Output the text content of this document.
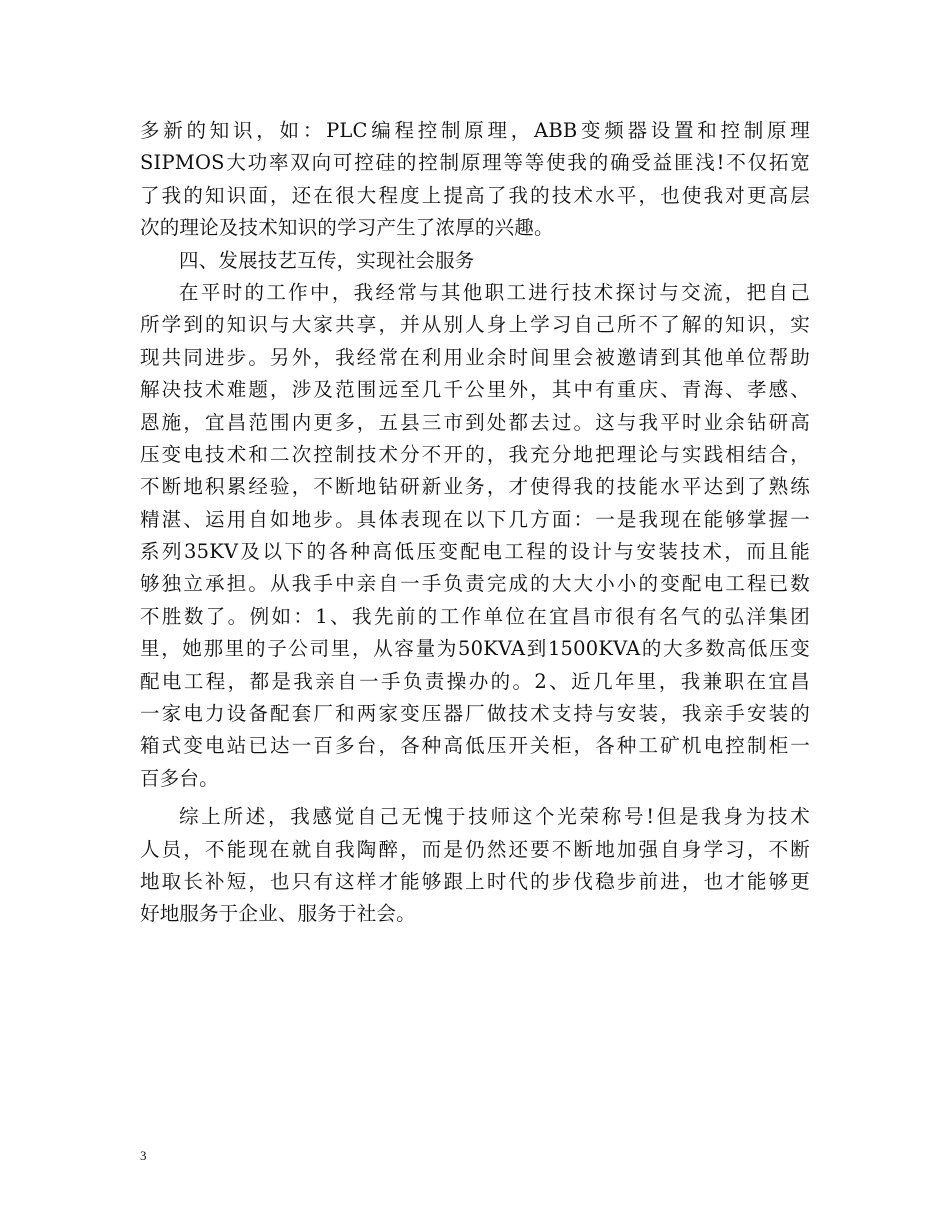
多新的知识，如：PLC编程控制原理，ABB变频器设置和控制原理
SIPMOS大功率双向可控硅的控制原理等等使我的确受益匪浅!不仅拓宽
了我的知识面，还在很大程度上提高了我的技术水平，也使我对更高层
次的理论及技术知识的学习产生了浓厚的兴趣。
四、发展技艺互传，实现社会服务
在平时的工作中，我经常与其他职工进行技术探讨与交流，把自己
所学到的知识与大家共享，并从别人身上学习自己所不了解的知识，实
现共同进步。另外，我经常在利用业余时间里会被邀请到其他单位帮助
解决技术难题，涉及范围远至几千公里外，其中有重庆、青海、孝感、
恩施，宜昌范围内更多，五县三市到处都去过。这与我平时业余钻研高
压变电技术和二次控制技术分不开的，我充分地把理论与实践相结合，
不断地积累经验，不断地钻研新业务，才使得我的技能水平达到了熟练
精湛、运用自如地步。具体表现在以下几方面：一是我现在能够掌握一
系列35KV及以下的各种高低压变配电工程的设计与安装技术，而且能
够独立承担。从我手中亲自一手负责完成的大大小小的变配电工程已数
不胜数了。例如：1、我先前的工作单位在宜昌市很有名气的弘洋集团
里，她那里的子公司里，从容量为50KVA到1500KVA的大多数高低压变
配电工程，都是我亲自一手负责操办的。2、近几年里，我兼职在宜昌
一家电力设备配套厂和两家变压器厂做技术支持与安装，我亲手安装的
箱式变电站已达一百多台，各种高低压开关柜，各种工矿机电控制柜一
百多台。
综上所述，我感觉自己无愧于技师这个光荣称号!但是我身为技术
人员，不能现在就自我陶醉，而是仍然还要不断地加强自身学习，不断
地取长补短，也只有这样才能够跟上时代的步伐稳步前进，也才能够更
好地服务于企业、服务于社会。
3
